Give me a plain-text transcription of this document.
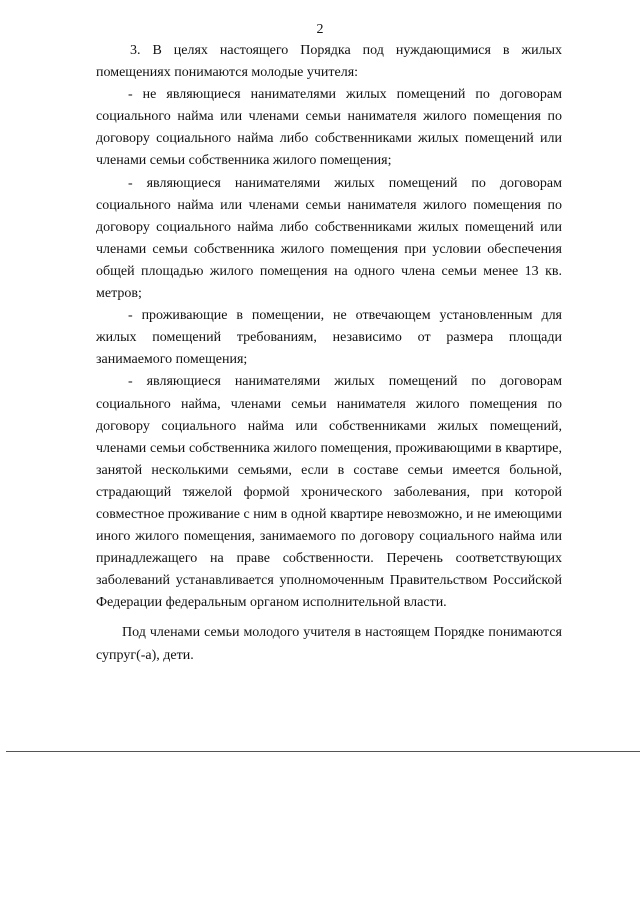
2

3. В целях настоящего Порядка под нуждающимися в жилых помещениях понимаются молодые учителя:

- не являющиеся нанимателями жилых помещений по договорам социального найма или членами семьи нанимателя жилого помещения по договору социального найма либо собственниками жилых помещений или членами семьи собственника жилого помещения;

- являющиеся нанимателями жилых помещений по договорам социального найма или членами семьи нанимателя жилого помещения по договору социального найма либо собственниками жилых помещений или членами семьи собственника жилого помещения при условии обеспечения общей площадью жилого помещения на одного члена семьи менее 13 кв. метров;

- проживающие в помещении, не отвечающем установленным для жилых помещений требованиям, независимо от размера площади занимаемого помещения;

- являющиеся нанимателями жилых помещений по договорам социального найма, членами семьи нанимателя жилого помещения по договору социального найма или собственниками жилых помещений, членами семьи собственника жилого помещения, проживающими в квартире, занятой несколькими семьями, если в составе семьи имеется больной, страдающий тяжелой формой хронического заболевания, при которой совместное проживание с ним в одной квартире невозможно, и не имеющими иного жилого помещения, занимаемого по договору социального найма или принадлежащего на праве собственности. Перечень соответствующих заболеваний устанавливается уполномоченным Правительством Российской Федерации федеральным органом исполнительной власти.

Под членами семьи молодого учителя в настоящем Порядке понимаются супруг(-а), дети.
